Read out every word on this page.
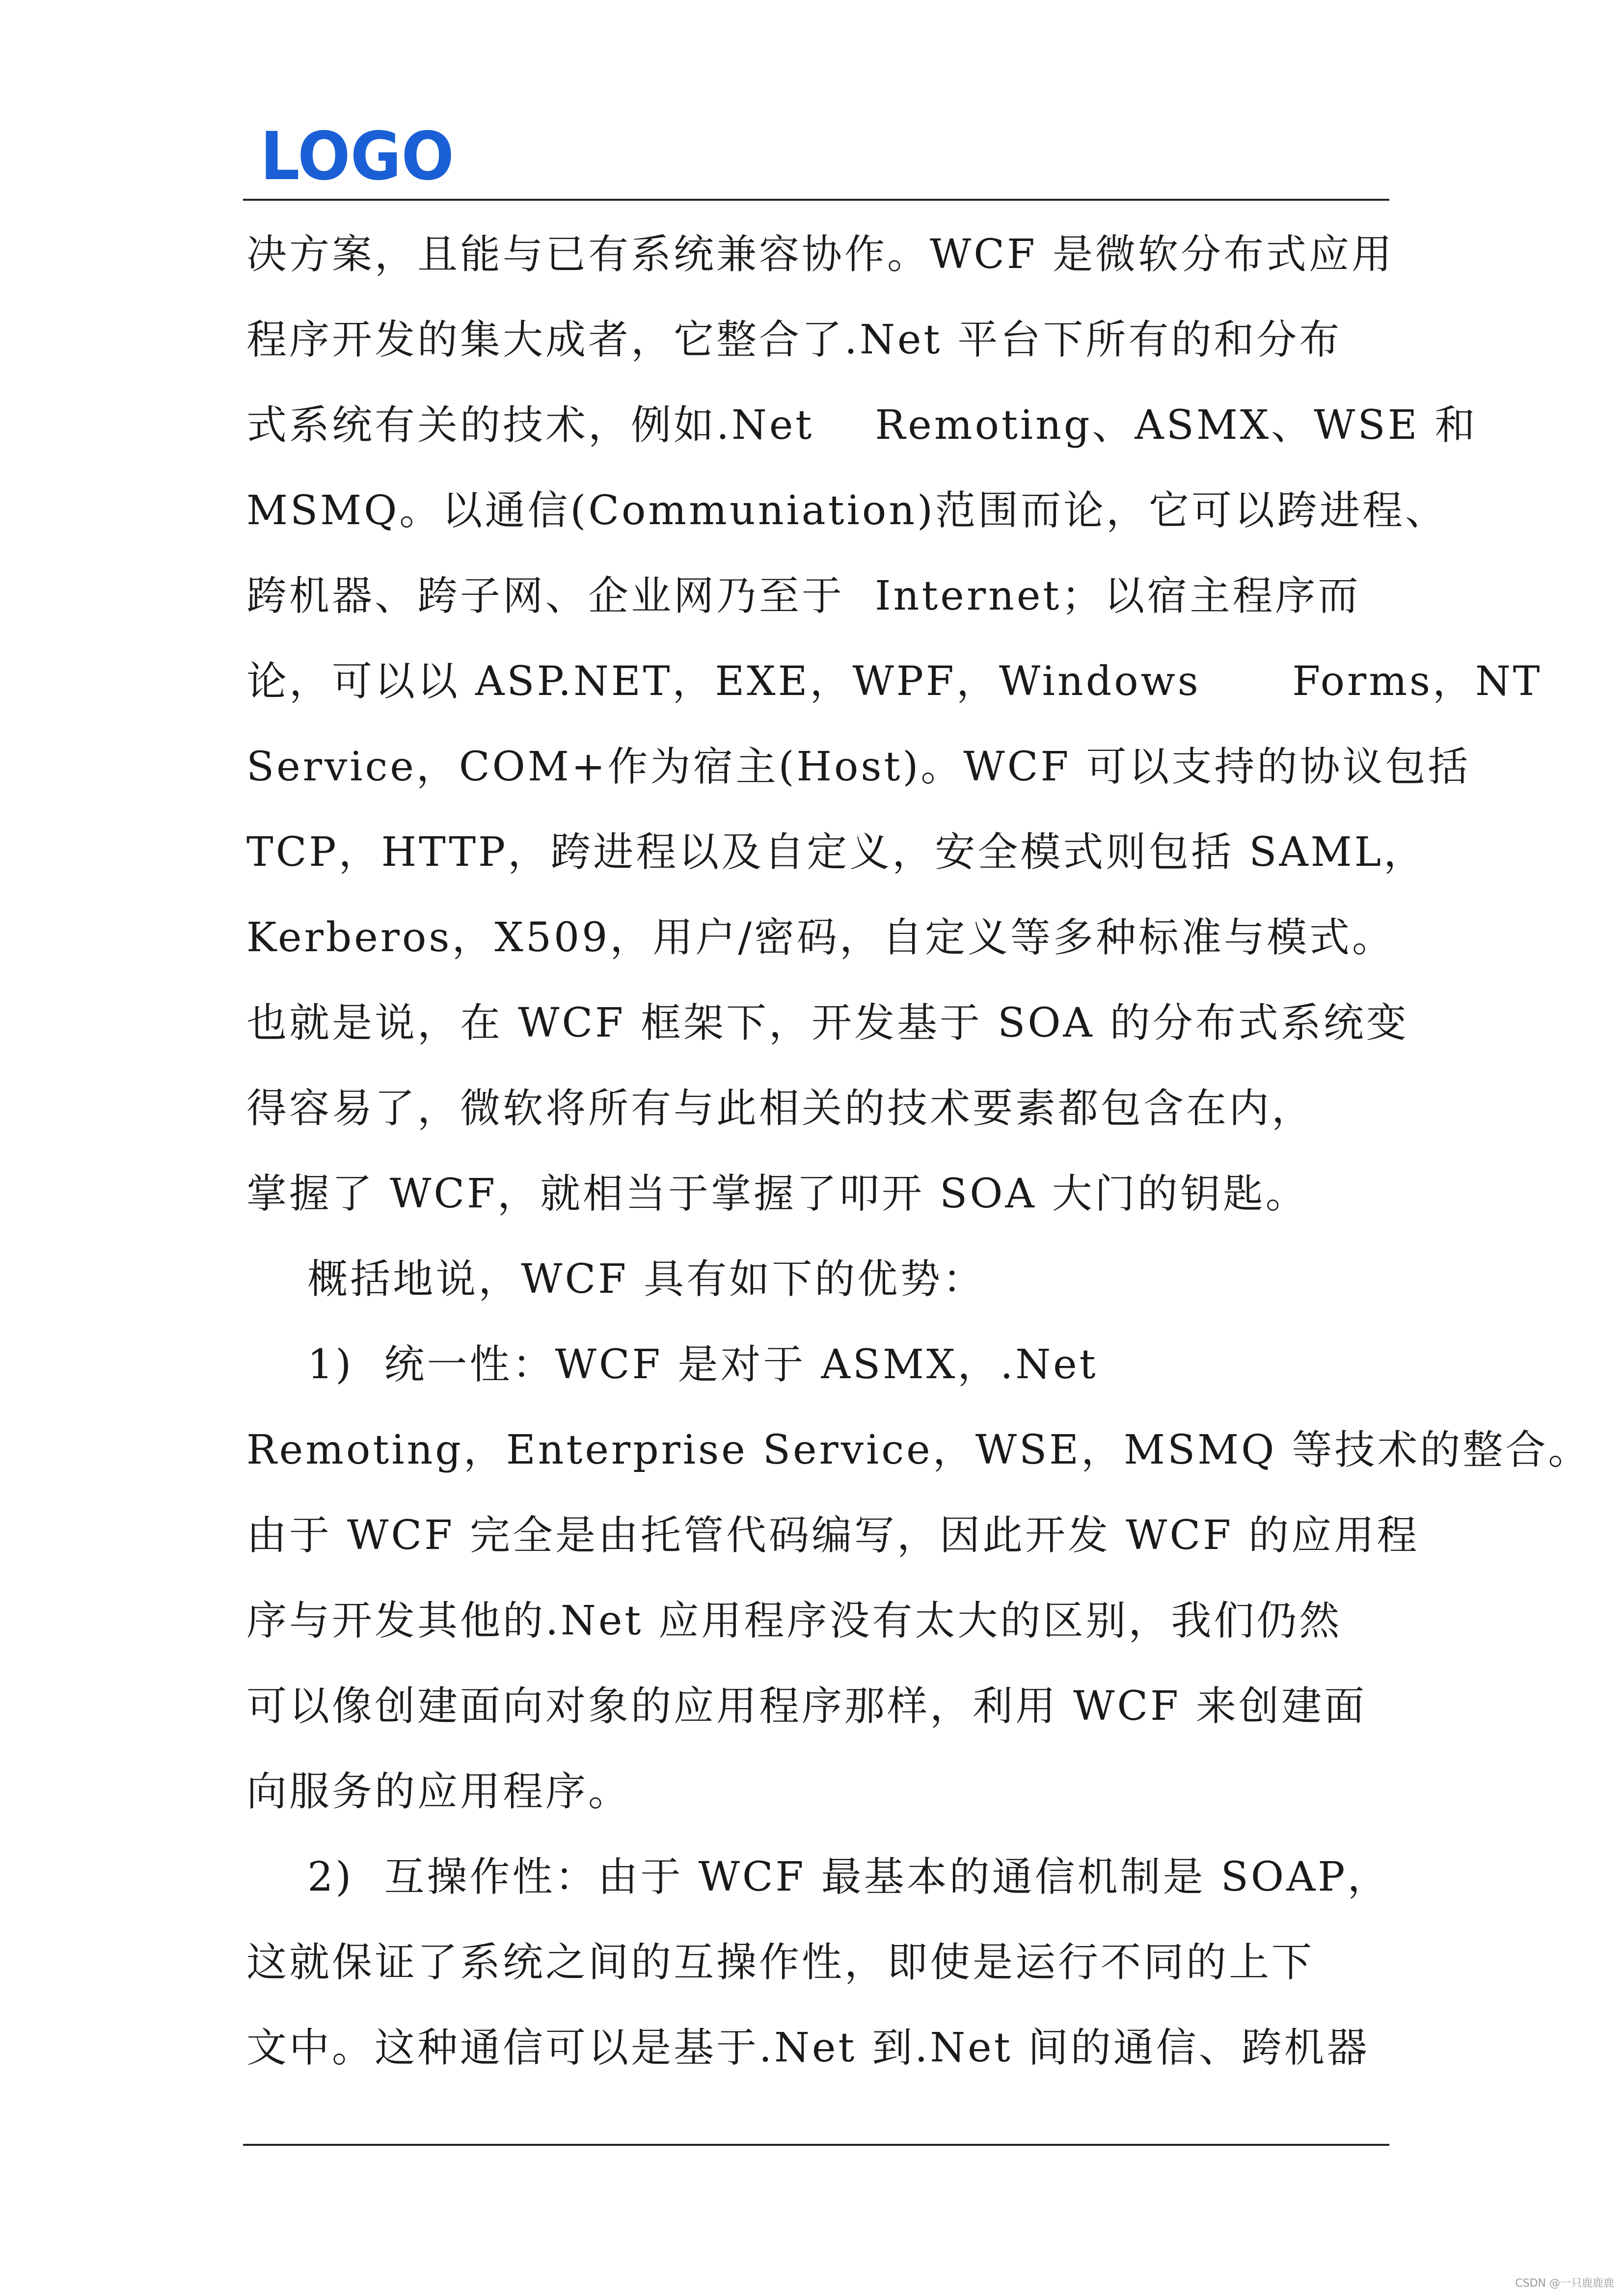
LOGO
决方案，且能与已有系统兼容协作。WCF 是微软分布式应用
程序开发的集大成者，它整合了.Net 平台下所有的和分布
式系统有关的技术，例如.Net    Remoting、ASMX、WSE 和
MSMQ。以通信(Communiation)范围而论，它可以跨进程、
跨机器、跨子网、企业网乃至于  Internet；以宿主程序而
论，可以以 ASP.NET，EXE，WPF，Windows      Forms，NT
Service，COM+作为宿主(Host)。WCF 可以支持的协议包括
TCP，HTTP，跨进程以及自定义，安全模式则包括 SAML，
Kerberos，X509，用户/密码，自定义等多种标准与模式。
也就是说，在 WCF 框架下，开发基于 SOA 的分布式系统变
得容易了，微软将所有与此相关的技术要素都包含在内，
掌握了 WCF，就相当于掌握了叩开 SOA 大门的钥匙。
概括地说，WCF 具有如下的优势：
1)  统一性：WCF 是对于 ASMX，.Net
Remoting，Enterprise Service，WSE，MSMQ 等技术的整合。
由于 WCF 完全是由托管代码编写，因此开发 WCF 的应用程
序与开发其他的.Net 应用程序没有太大的区别，我们仍然
可以像创建面向对象的应用程序那样，利用 WCF 来创建面
向服务的应用程序。
2)  互操作性：由于 WCF 最基本的通信机制是 SOAP，
这就保证了系统之间的互操作性，即使是运行不同的上下
文中。这种通信可以是基于.Net 到.Net 间的通信、跨机器
CSDN @一只鹿鹿鹿
